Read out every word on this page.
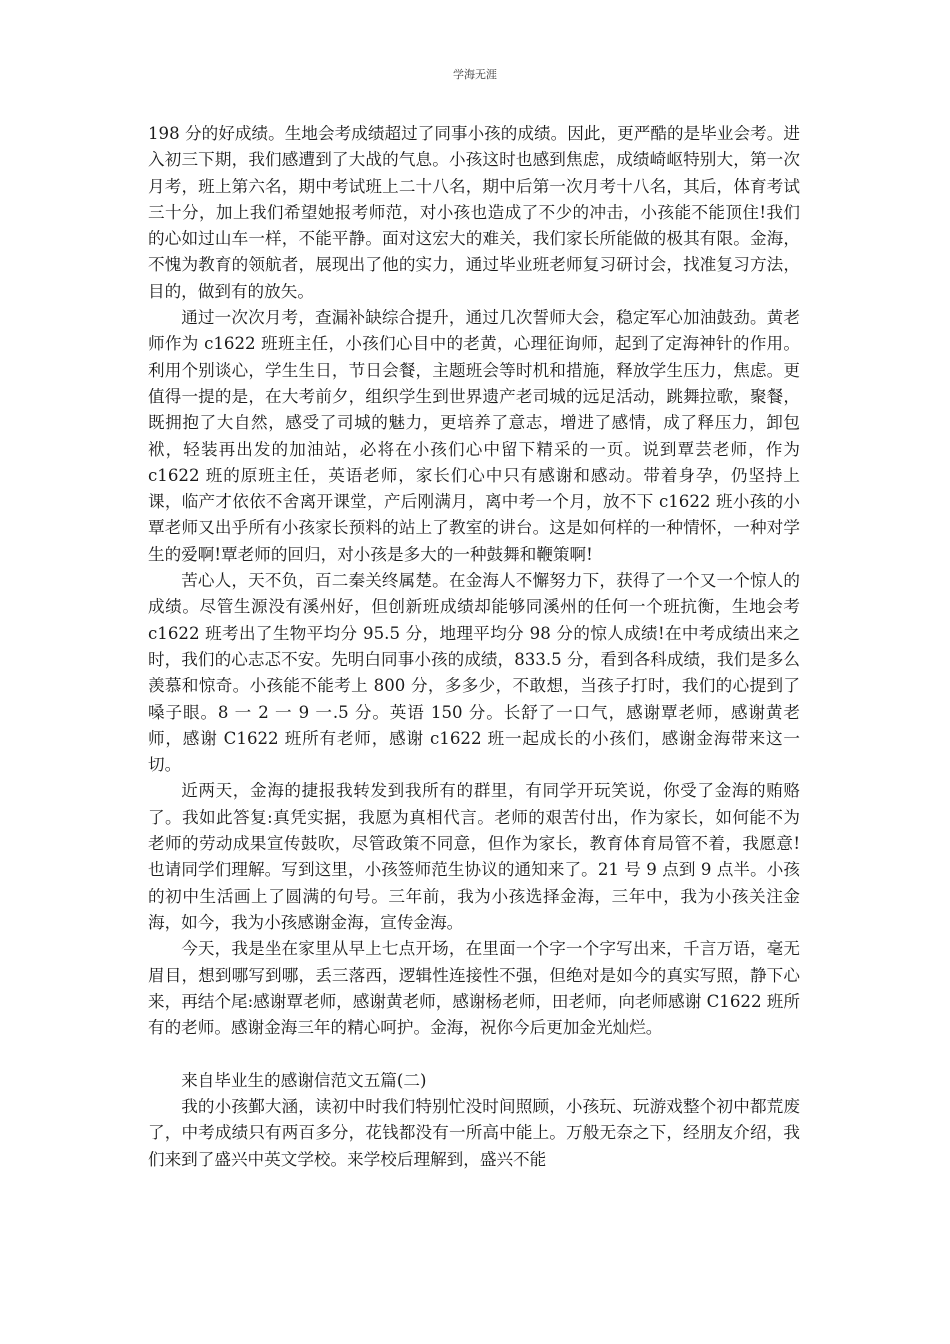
学海无涯

198 分的好成绩。生地会考成绩超过了同事小孩的成绩。因此，更严酷的是毕业会考。进入初三下期，我们感遭到了大战的气息。小孩这时也感到焦虑，成绩崎岖特别大，第一次月考，班上第六名，期中考试班上二十八名，期中后第一次月考十八名，其后，体育考试三十分，加上我们希望她报考师范，对小孩也造成了不少的冲击，小孩能不能顶住!我们的心如过山车一样，不能平静。面对这宏大的难关，我们家长所能做的极其有限。金海，不愧为教育的领航者，展现出了他的实力，通过毕业班老师复习研讨会，找准复习方法，目的，做到有的放矢。

通过一次次月考，查漏补缺综合提升，通过几次誓师大会，稳定军心加油鼓劲。黄老师作为 c1622 班班主任，小孩们心目中的老黄，心理征询师，起到了定海神针的作用。利用个别谈心，学生生日，节日会餐，主题班会等时机和措施，释放学生压力，焦虑。更值得一提的是，在大考前夕，组织学生到世界遗产老司城的远足活动，跳舞拉歌，聚餐，既拥抱了大自然，感受了司城的魅力，更培养了意志，增进了感情，成了释压力，卸包袱，轻装再出发的加油站，必将在小孩们心中留下精采的一页。说到覃芸老师，作为 c1622 班的原班主任，英语老师，家长们心中只有感谢和感动。带着身孕，仍坚持上课，临产才依依不舍离开课堂，产后刚满月，离中考一个月，放不下 c1622 班小孩的小覃老师又出乎所有小孩家长预料的站上了教室的讲台。这是如何样的一种情怀，一种对学生的爱啊!覃老师的回归，对小孩是多大的一种鼓舞和鞭策啊!

苦心人，天不负，百二秦关终属楚。在金海人不懈努力下，获得了一个又一个惊人的成绩。尽管生源没有溪州好，但创新班成绩却能够同溪州的任何一个班抗衡，生地会考 c1622 班考出了生物平均分 95.5 分，地理平均分 98 分的惊人成绩!在中考成绩出来之时，我们的心志忑不安。先明白同事小孩的成绩，833.5 分，看到各科成绩，我们是多么羡慕和惊奇。小孩能不能考上 800 分，多多少，不敢想，当孩子打时，我们的心提到了嗓子眼。8 一 2 一 9 一.5 分。英语 150 分。长舒了一口气，感谢覃老师，感谢黄老师，感谢 C1622 班所有老师，感谢 c1622 班一起成长的小孩们，感谢金海带来这一切。

近两天，金海的捷报我转发到我所有的群里，有同学开玩笑说，你受了金海的贿赂了。我如此答复:真凭实据，我愿为真相代言。老师的艰苦付出，作为家长，如何能不为老师的劳动成果宣传鼓吹，尽管政策不同意，但作为家长，教育体育局管不着，我愿意!也请同学们理解。写到这里，小孩签师范生协议的通知来了。21 号 9 点到 9 点半。小孩的初中生活画上了圆满的句号。三年前，我为小孩选择金海，三年中，我为小孩关注金海，如今，我为小孩感谢金海，宣传金海。

今天，我是坐在家里从早上七点开场，在里面一个字一个字写出来，千言万语，毫无眉目，想到哪写到哪，丢三落西，逻辑性连接性不强，但绝对是如今的真实写照，静下心来，再结个尾:感谢覃老师，感谢黄老师，感谢杨老师，田老师，向老师感谢 C1622 班所有的老师。感谢金海三年的精心呵护。金海，祝你今后更加金光灿烂。

来自毕业生的感谢信范文五篇(二)

我的小孩鄞大涵，读初中时我们特别忙没时间照顾，小孩玩、玩游戏整个初中都荒废了，中考成绩只有两百多分，花钱都没有一所高中能上。万般无奈之下，经朋友介绍，我们来到了盛兴中英文学校。来学校后理解到，盛兴不能
